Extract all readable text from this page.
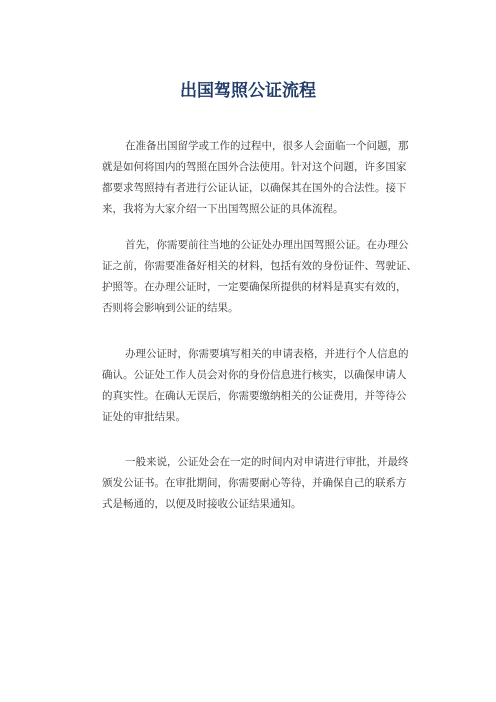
出国驾照公证流程
在准备出国留学或工作的过程中，很多人会面临一个问题，那
就是如何将国内的驾照在国外合法使用。针对这个问题，许多国家
都要求驾照持有者进行公证认证，以确保其在国外的合法性。接下
来，我将为大家介绍一下出国驾照公证的具体流程。
首先，你需要前往当地的公证处办理出国驾照公证。在办理公
证之前，你需要准备好相关的材料，包括有效的身份证件、驾驶证、
护照等。在办理公证时，一定要确保所提供的材料是真实有效的，
否则将会影响到公证的结果。
办理公证时，你需要填写相关的申请表格，并进行个人信息的
确认。公证处工作人员会对你的身份信息进行核实，以确保申请人
的真实性。在确认无误后，你需要缴纳相关的公证费用，并等待公
证处的审批结果。
一般来说，公证处会在一定的时间内对申请进行审批，并最终
颁发公证书。在审批期间，你需要耐心等待，并确保自己的联系方
式是畅通的，以便及时接收公证结果通知。
